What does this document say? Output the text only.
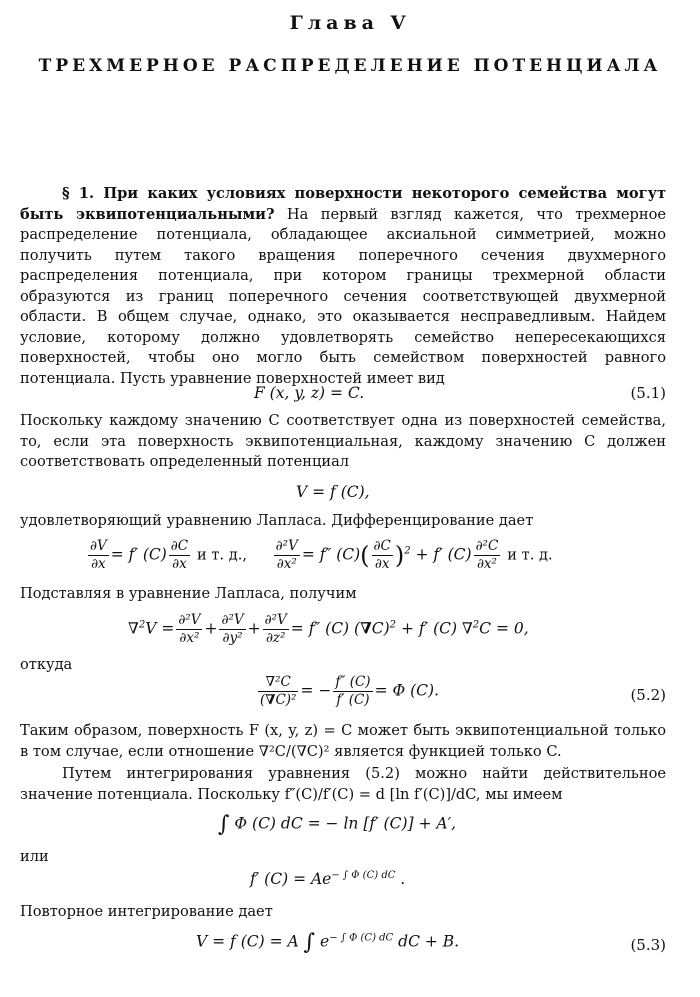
Глава V
ТРЕХМЕРНОЕ РАСПРЕДЕЛЕНИЕ ПОТЕНЦИАЛА
§ 1. При каких условиях поверхности некоторого семейства могут быть эквипотенциальными? На первый взгляд кажется, что трехмерное распределение потенциала, обладающее аксиальной симметрией, можно получить путем такого вращения поперечного сечения двухмерного распределения потенциала, при котором границы трехмерной области образуются из границ поперечного сечения соответствующей двухмерной области. В общем случае, однако, это оказывается несправедливым. Найдем условие, которому должно удовлетворять семейство непересекающихся поверхностей, чтобы оно могло быть семейством поверхностей равного потенциала. Пусть уравнение поверхностей имеет вид
F (x, y, z) = C.	(5.1)
Поскольку каждому значению C соответствует одна из поверхностей семейства, то, если эта поверхность эквипотенциальная, каждому значению C должен соответствовать определенный потенциал
V = f (C),
удовлетворяющий уравнению Лапласа. Дифференцирование дает
$\frac{\partial V}{\partial x} = f'$ $(C) \frac{\partial C}{\partial x}$ и т. д., $\frac{\text{∂²V}}{\text{∂x²}} = f''$ $(C)( \frac{\partial C}{\partial x} )^2 + f'$ $(C) \frac{\text{∂²C}}{\text{∂x²}}$ и т. д.
Подставляя в уравнение Лапласа, получим
$\nabla^2V = \frac{\text{∂²V}}{\text{∂x²}} + \frac{\text{∂²V}}{\text{∂y²}} + \frac{\text{∂²V}}{\text{∂z²}} = f''$ (C) $(\nabla C)^2 + f'$ (C) ∇$^2$C = 0,
откуда
$\frac{\text{∇²C}}{\text{(∇C)²}}$ = − $\frac{f'' (C)}{f' (C)} = \Phi$ (C).	(5.2)
Таким образом, поверхность F (x, y, z) = C может быть эквипотенциальной только в том случае, если отношение ∇²C/(∇C)² является функцией только C.
Путем интегрирования уравнения (5.2) можно найти действительное значение потенциала. Поскольку f″(C)/f′(C) = d [ln f′(C)]/dC, мы имеем
∫ Φ (C) dC = − ln [f′ (C)] + A′,
или
f′ $(C) = Ae^{- \int \Phi (C) dC}$ .
Повторное интегрирование дает
V = f (C) = A ∫ $e^{- \int \Phi (C) dC}$ dC + B.	(5.3)
